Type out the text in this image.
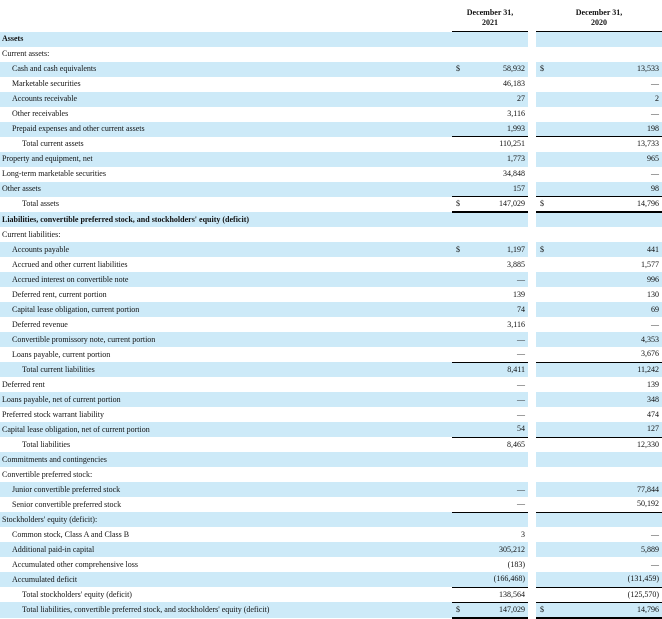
	December 31,
2021			December 31,
2020	
Assets					
Current assets:					
Cash and cash equivalents	$	58,932		$	13,533
Marketable securities		46,183			—
Accounts receivable		27			2
Other receivables		3,116			—
Prepaid expenses and other current assets		1,993			198
Total current assets		110,251			13,733
Property and equipment, net		1,773			965
Long-term marketable securities		34,848			—
Other assets		157			98
Total assets	$	147,029		$	14,796
Liabilities, convertible preferred stock, and stockholders' equity (deficit)					
Current liabilities:					
Accounts payable	$	1,197		$	441
Accrued and other current liabilities		3,885			1,577
Accrued interest on convertible note		—			996
Deferred rent, current portion		139			130
Capital lease obligation, current portion		74			69
Deferred revenue		3,116			—
Convertible promissory note, current portion		—			4,353
Loans payable, current portion		—			3,676
Total current liabilities		8,411			11,242
Deferred rent		—			139
Loans payable, net of current portion		—			348
Preferred stock warrant liability		—			474
Capital lease obligation, net of current portion		54			127
Total liabilities		8,465			12,330
Commitments and contingencies					
Convertible preferred stock:					
Junior convertible preferred stock		—			77,844
Senior convertible preferred stock		—			50,192
Stockholders' equity (deficit):					
Common stock, Class A and Class B		3			—
Additional paid-in capital		305,212			5,889
Accumulated other comprehensive loss		(183)			—
Accumulated deficit		(166,468)			(131,459)
Total stockholders' equity (deficit)		138,564			(125,570)
Total liabilities, convertible preferred stock, and stockholders' equity (deficit)	$	147,029		$	14,796
